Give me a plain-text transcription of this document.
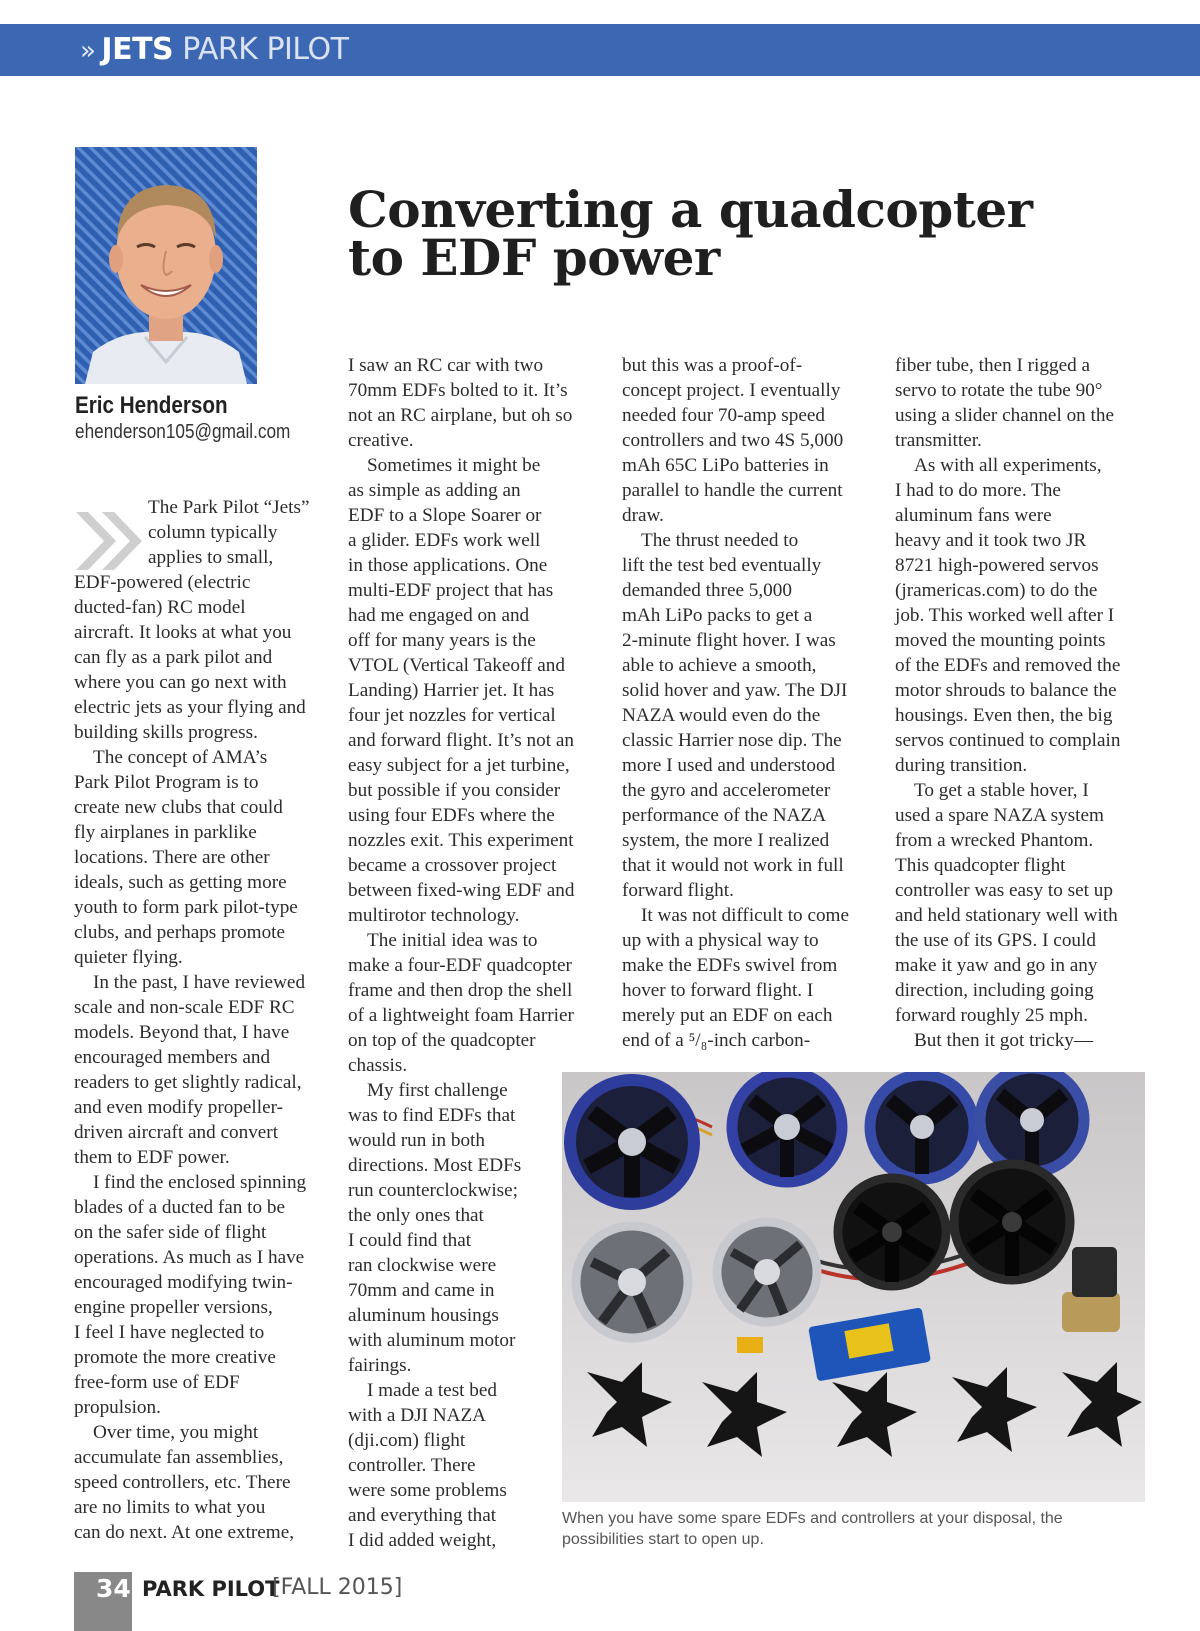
» JETS PARK PILOT
Eric Henderson
ehenderson105@gmail.com
Converting a quadcopter
to EDF power
The Park Pilot “Jets”
column typically
applies to small,
EDF-powered (electric
ducted-fan) RC model
aircraft. It looks at what you
can fly as a park pilot and
where you can go next with
electric jets as your flying and
building skills progress.
The concept of AMA’s
Park Pilot Program is to
create new clubs that could
fly airplanes in parklike
locations. There are other
ideals, such as getting more
youth to form park pilot-type
clubs, and perhaps promote
quieter flying.
In the past, I have reviewed
scale and non-scale EDF RC
models. Beyond that, I have
encouraged members and
readers to get slightly radical,
and even modify propeller-
driven aircraft and convert
them to EDF power.
I find the enclosed spinning
blades of a ducted fan to be
on the safer side of flight
operations. As much as I have
encouraged modifying twin-
engine propeller versions,
I feel I have neglected to
promote the more creative
free-form use of EDF
propulsion.
Over time, you might
accumulate fan assemblies,
speed controllers, etc. There
are no limits to what you
can do next. At one extreme,
I saw an RC car with two
70mm EDFs bolted to it. It’s
not an RC airplane, but oh so
creative.
Sometimes it might be
as simple as adding an
EDF to a Slope Soarer or
a glider. EDFs work well
in those applications. One
multi-EDF project that has
had me engaged on and
off for many years is the
VTOL (Vertical Takeoff and
Landing) Harrier jet. It has
four jet nozzles for vertical
and forward flight. It’s not an
easy subject for a jet turbine,
but possible if you consider
using four EDFs where the
nozzles exit. This experiment
became a crossover project
between fixed-wing EDF and
multirotor technology.
The initial idea was to
make a four-EDF quadcopter
frame and then drop the shell
of a lightweight foam Harrier
on top of the quadcopter
chassis.
My first challenge
was to find EDFs that
would run in both
directions. Most EDFs
run counterclockwise;
the only ones that
I could find that
ran clockwise were
70mm and came in
aluminum housings
with aluminum motor
fairings.
I made a test bed
with a DJI NAZA
(dji.com) flight
controller. There
were some problems
and everything that
I did added weight,
but this was a proof-of-
concept project. I eventually
needed four 70-amp speed
controllers and two 4S 5,000
mAh 65C LiPo batteries in
parallel to handle the current
draw.
The thrust needed to
lift the test bed eventually
demanded three 5,000
mAh LiPo packs to get a
2-minute flight hover. I was
able to achieve a smooth,
solid hover and yaw. The DJI
NAZA would even do the
classic Harrier nose dip. The
more I used and understood
the gyro and accelerometer
performance of the NAZA
system, the more I realized
that it would not work in full
forward flight.
It was not difficult to come
up with a physical way to
make the EDFs swivel from
hover to forward flight. I
merely put an EDF on each
end of a ⁵/₈-inch carbon-
fiber tube, then I rigged a
servo to rotate the tube 90°
using a slider channel on the
transmitter.
As with all experiments,
I had to do more. The
aluminum fans were
heavy and it took two JR
8721 high-powered servos
(jramericas.com) to do the
job. This worked well after I
moved the mounting points
of the EDFs and removed the
motor shrouds to balance the
housings. Even then, the big
servos continued to complain
during transition.
To get a stable hover, I
used a spare NAZA system
from a wrecked Phantom.
This quadcopter flight
controller was easy to set up
and held stationary well with
the use of its GPS. I could
make it yaw and go in any
direction, including going
forward roughly 25 mph.
But then it got tricky—
When you have some spare EDFs and controllers at your disposal, the
possibilities start to open up.
34 PARK PILOT
[FALL 2015]
